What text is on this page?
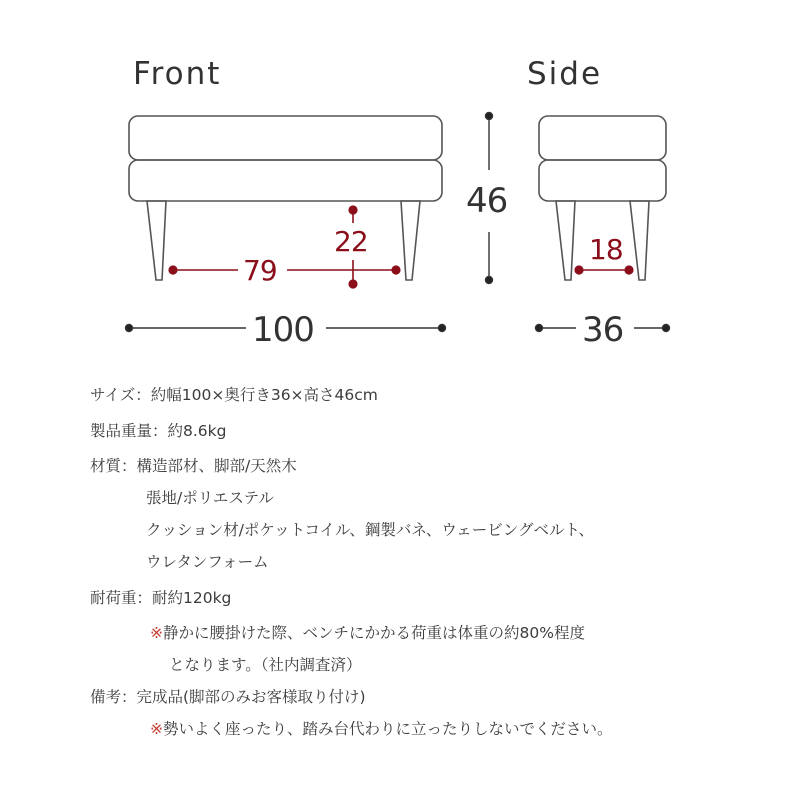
Front	Side
46
100	36
79
22	18
サイズ：約幅100×奥行き36×高さ46cm
製品重量：約8.6kg
材質：構造部材、脚部/天然木
張地/ポリエステル
クッション材/ポケットコイル、鋼製バネ、ウェービングベルト、
ウレタンフォーム
耐荷重：耐約120kg
※静かに腰掛けた際、ベンチにかかる荷重は体重の約80%程度
となります。（社内調査済）
備考：完成品(脚部のみお客様取り付け)
※勢いよく座ったり、踏み台代わりに立ったりしないでください。
